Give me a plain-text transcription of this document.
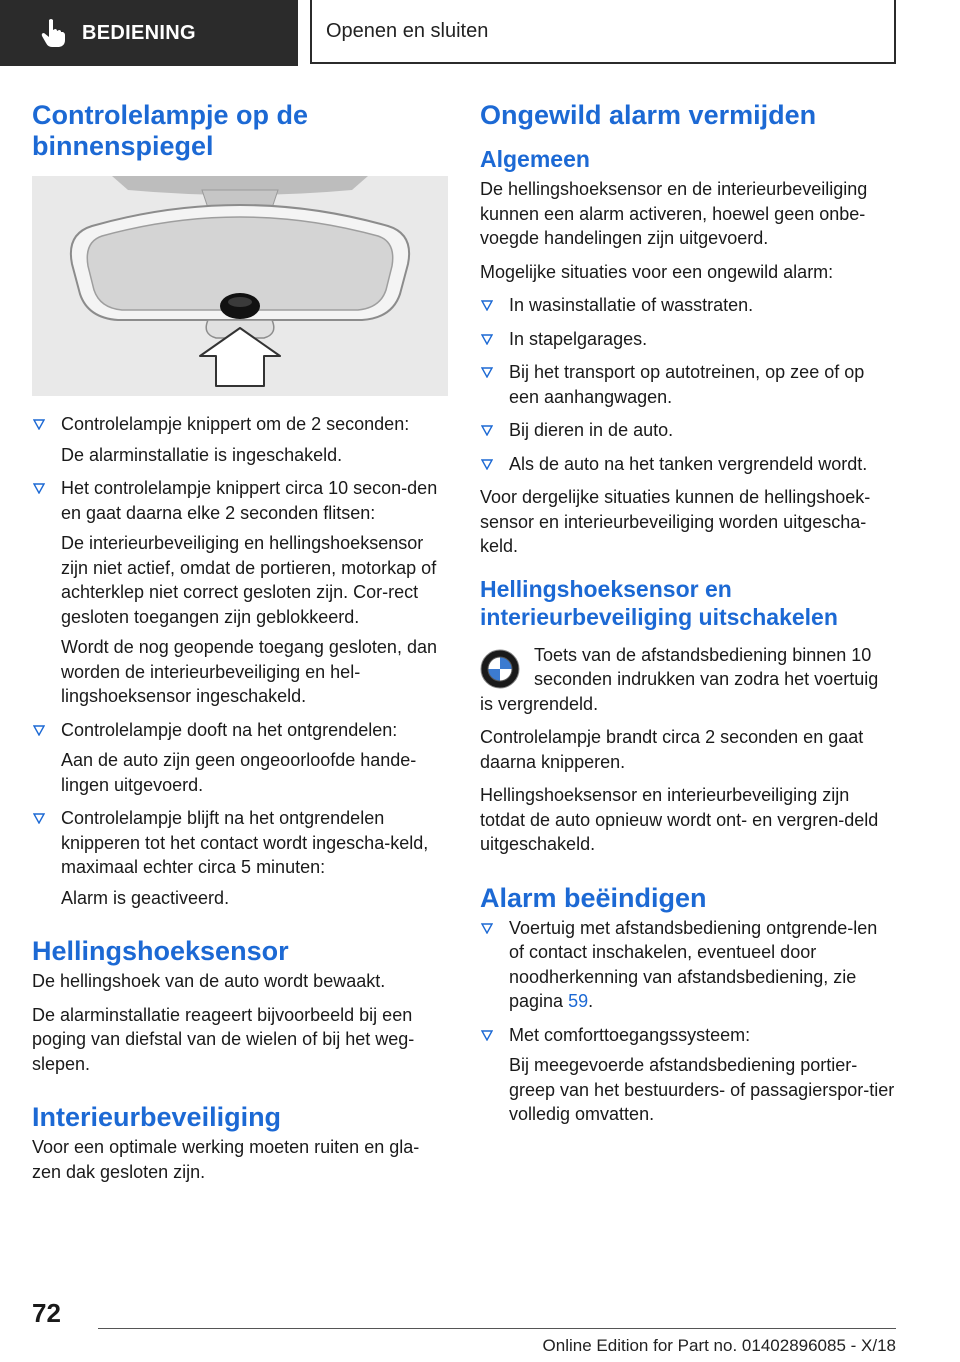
BEDIENING	Openen en sluiten
Controlelampje op de binnenspiegel
Controlelampje knippert om de 2 seconden:

De alarminstallatie is ingeschakeld.

Het controlelampje knippert circa 10 secon-den en gaat daarna elke 2 seconden flitsen:

De interieurbeveiliging en hellingshoeksensor zijn niet actief, omdat de portieren, motorkap of achterklep niet correct gesloten zijn. Cor-rect gesloten toegangen zijn geblokkeerd.

Wordt de nog geopende toegang gesloten, dan worden de interieurbeveiliging en hel-lingshoeksensor ingeschakeld.

Controlelampje dooft na het ontgrendelen:

Aan de auto zijn geen ongeoorloofde hande-lingen uitgevoerd.

Controlelampje blijft na het ontgrendelen knipperen tot het contact wordt ingescha-keld, maximaal echter circa 5 minuten:

Alarm is geactiveerd.

Hellingshoeksensor

De hellingshoek van de auto wordt bewaakt.

De alarminstallatie reageert bijvoorbeeld bij een poging van diefstal van de wielen of bij het weg-slepen.

Interieurbeveiliging

Voor een optimale werking moeten ruiten en gla-zen dak gesloten zijn.

Ongewild alarm vermijden
Algemeen

De hellingshoeksensor en de interieurbeveiliging kunnen een alarm activeren, hoewel geen onbe-voegde handelingen zijn uitgevoerd.

Mogelijke situaties voor een ongewild alarm:

In wasinstallatie of wasstraten.
In stapelgarages.
Bij het transport op autotreinen, op zee of op een aanhangwagen.
Bij dieren in de auto.
Als de auto na het tanken vergrendeld wordt.

Voor dergelijke situaties kunnen de hellingshoek-sensor en interieurbeveiliging worden uitgescha-keld.

Hellingshoeksensor en interieurbeveiliging uitschakelen

Toets van de afstandsbediening binnen 10 seconden indrukken van zodra het voertuig is vergrendeld.

Controlelampje brandt circa 2 seconden en gaat daarna knipperen.

Hellingshoeksensor en interieurbeveiliging zijn totdat de auto opnieuw wordt ont- en vergren-deld uitgeschakeld.

Alarm beëindigen
Voertuig met afstandsbediening ontgrende-len of contact inschakelen, eventueel door noodherkenning van afstandsbediening, zie pagina 59.
Met comforttoegangssysteem:

Bij meegevoerde afstandsbediening portier-greep van het bestuurders- of passagierspor-tier volledig omvatten.

72
Online Edition for Part no. 01402896085 - X/18
